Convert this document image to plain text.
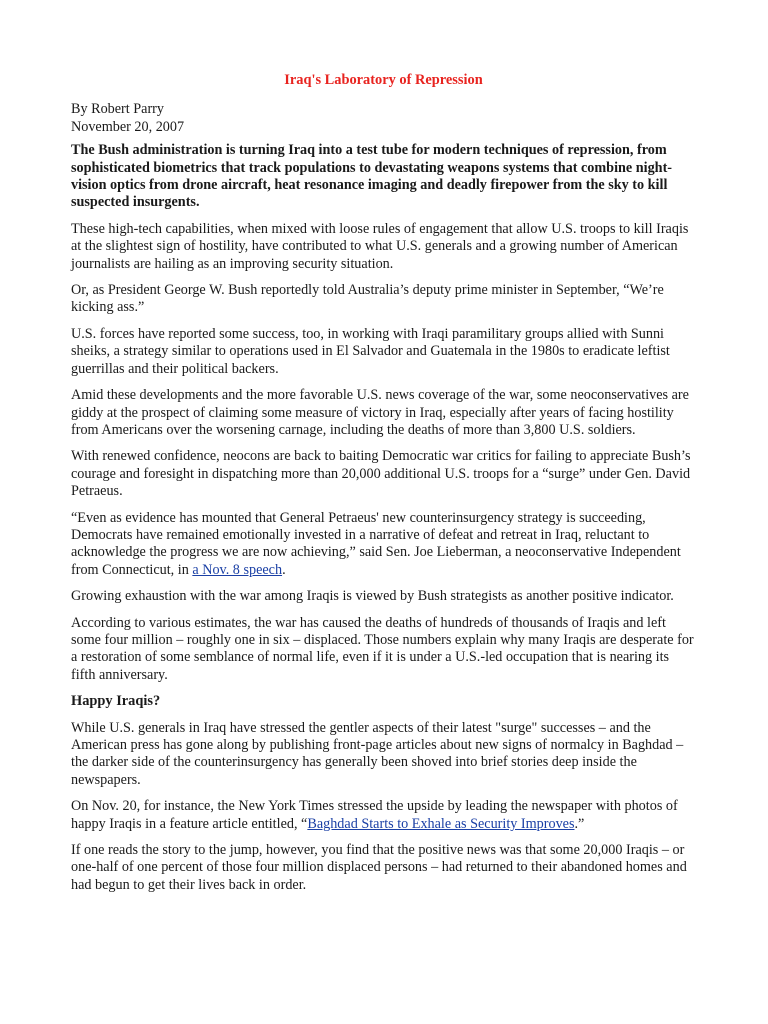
Iraq's Laboratory of Repression

By Robert Parry

November 20, 2007

The Bush administration is turning Iraq into a test tube for modern techniques of repression, from sophisticated biometrics that track populations to devastating weapons systems that combine night-vision optics from drone aircraft, heat resonance imaging and deadly firepower from the sky to kill suspected insurgents.

These high-tech capabilities, when mixed with loose rules of engagement that allow U.S. troops to kill Iraqis at the slightest sign of hostility, have contributed to what U.S. generals and a growing number of American journalists are hailing as an improving security situation.

Or, as President George W. Bush reportedly told Australia’s deputy prime minister in September, “We’re kicking ass.”

U.S. forces have reported some success, too, in working with Iraqi paramilitary groups allied with Sunni sheiks, a strategy similar to operations used in El Salvador and Guatemala in the 1980s to eradicate leftist guerrillas and their political backers.

Amid these developments and the more favorable U.S. news coverage of the war, some neoconservatives are giddy at the prospect of claiming some measure of victory in Iraq, especially after years of facing hostility from Americans over the worsening carnage, including the deaths of more than 3,800 U.S. soldiers.

With renewed confidence, neocons are back to baiting Democratic war critics for failing to appreciate Bush’s courage and foresight in dispatching more than 20,000 additional U.S. troops for a “surge” under Gen. David Petraeus.

“Even as evidence has mounted that General Petraeus' new counterinsurgency strategy is succeeding, Democrats have remained emotionally invested in a narrative of defeat and retreat in Iraq, reluctant to acknowledge the progress we are now achieving,” said Sen. Joe Lieberman, a neoconservative Independent from Connecticut, in a Nov. 8 speech.

Growing exhaustion with the war among Iraqis is viewed by Bush strategists as another positive indicator.

According to various estimates, the war has caused the deaths of hundreds of thousands of Iraqis and left some four million – roughly one in six – displaced. Those numbers explain why many Iraqis are desperate for a restoration of some semblance of normal life, even if it is under a U.S.-led occupation that is nearing its fifth anniversary.

Happy Iraqis?

While U.S. generals in Iraq have stressed the gentler aspects of their latest "surge" successes – and the American press has gone along by publishing front-page articles about new signs of normalcy in Baghdad – the darker side of the counterinsurgency has generally been shoved into brief stories deep inside the newspapers.

On Nov. 20, for instance, the New York Times stressed the upside by leading the newspaper with photos of happy Iraqis in a feature article entitled, “Baghdad Starts to Exhale as Security Improves.”

If one reads the story to the jump, however, you find that the positive news was that some 20,000 Iraqis – or one-half of one percent of those four million displaced persons – had returned to their abandoned homes and had begun to get their lives back in order.
